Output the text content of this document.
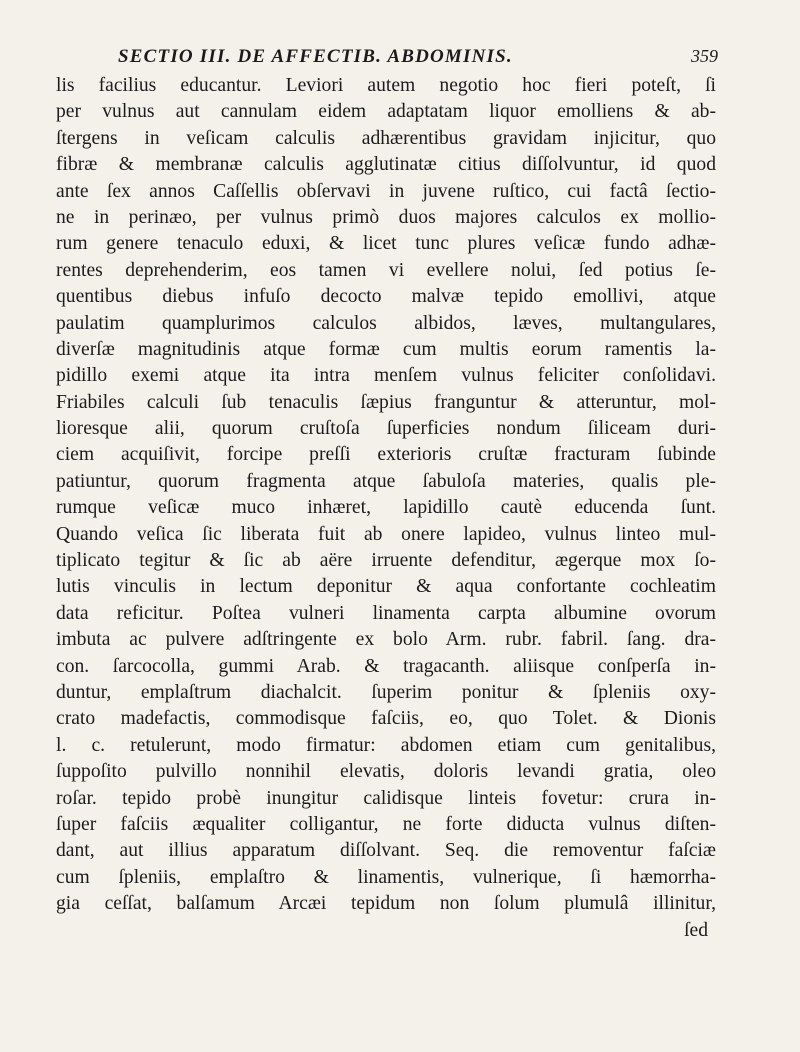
SECTIO III. DE AFFECTIB. ABDOMINIS.	359
lis facilius educantur. Leviori autem negotio hoc fieri poteſt, ſi
per vulnus aut cannulam eidem adaptatam liquor emolliens & ab-
ſtergens in veſicam calculis adhærentibus gravidam injicitur, quo
fibræ & membranæ calculis agglutinatæ citius diſſolvuntur, id quod
ante ſex annos Caſſellis obſervavi in juvene ruſtico, cui factâ ſectio-
ne in perinæo, per vulnus primò duos majores calculos ex mollio-
rum genere tenaculo eduxi, & licet tunc plures veſicæ fundo adhæ-
rentes deprehenderim, eos tamen vi evellere nolui, ſed potius ſe-
quentibus diebus infuſo decocto malvæ tepido emollivi, atque
paulatim quamplurimos calculos albidos, læves, multangulares,
diverſæ magnitudinis atque formæ cum multis eorum ramentis la-
pidillo exemi atque ita intra menſem vulnus feliciter conſolidavi.
Friabiles calculi ſub tenaculis ſæpius franguntur & atteruntur, mol-
lioresque alii, quorum cruſtoſa ſuperficies nondum ſiliceam duri-
ciem acquiſivit, forcipe preſſi exterioris cruſtæ fracturam ſubinde
patiuntur, quorum fragmenta atque ſabuloſa materies, qualis ple-
rumque veſicæ muco inhæret, lapidillo cautè educenda ſunt.
Quando veſica ſic liberata fuit ab onere lapideo, vulnus linteo mul-
tiplicato tegitur & ſic ab aëre irruente defenditur, ægerque mox ſo-
lutis vinculis in lectum deponitur & aqua confortante cochleatim
data reficitur. Poſtea vulneri linamenta carpta albumine ovorum
imbuta ac pulvere adſtringente ex bolo Arm. rubr. fabril. ſang. dra-
con. ſarcocolla, gummi Arab. & tragacanth. aliisque conſperſa in-
duntur, emplaſtrum diachalcit. ſuperim ponitur & ſpleniis oxy-
crato madefactis, commodisque faſciis, eo, quo Tolet. & Dionis
l. c. retulerunt, modo firmatur: abdomen etiam cum genitalibus,
ſuppoſito pulvillo nonnihil elevatis, doloris levandi gratia, oleo
roſar. tepido probè inungitur calidisque linteis fovetur: crura in-
ſuper faſciis æqualiter colligantur, ne forte diducta vulnus diſten-
dant, aut illius apparatum diſſolvant. Seq. die removentur faſciæ
cum ſpleniis, emplaſtro & linamentis, vulnerique, ſi hæmorrha-
gia ceſſat, balſamum Arcæi tepidum non ſolum plumulâ illinitur,
ſed
